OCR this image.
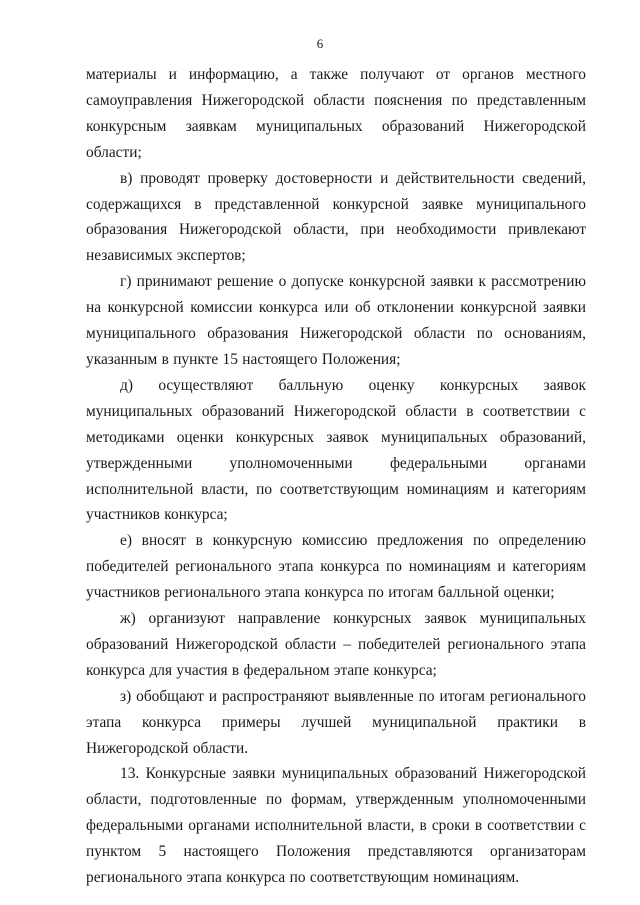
6

материалы и информацию, а также получают от органов местного самоуправления Нижегородской области пояснения по представленным конкурсным заявкам муниципальных образований Нижегородской области;

в) проводят проверку достоверности и действительности сведений, содержащихся в представленной конкурсной заявке муниципального образования Нижегородской области, при необходимости привлекают независимых экспертов;

г) принимают решение о допуске конкурсной заявки к рассмотрению на конкурсной комиссии конкурса или об отклонении конкурсной заявки муниципального образования Нижегородской области по основаниям, указанным в пункте 15 настоящего Положения;

д) осуществляют балльную оценку конкурсных заявок муниципальных образований Нижегородской области в соответствии с методиками оценки конкурсных заявок муниципальных образований, утвержденными уполномоченными федеральными органами исполнительной власти, по соответствующим номинациям и категориям участников конкурса;

е) вносят в конкурсную комиссию предложения по определению победителей регионального этапа конкурса по номинациям и категориям участников регионального этапа конкурса по итогам балльной оценки;

ж) организуют направление конкурсных заявок муниципальных образований Нижегородской области – победителей регионального этапа конкурса для участия в федеральном этапе конкурса;

з) обобщают и распространяют выявленные по итогам регионального этапа конкурса примеры лучшей муниципальной практики в Нижегородской области.

13. Конкурсные заявки муниципальных образований Нижегородской области, подготовленные по формам, утвержденным уполномоченными федеральными органами исполнительной власти, в сроки в соответствии с пунктом 5 настоящего Положения представляются организаторам регионального этапа конкурса по соответствующим номинациям.
